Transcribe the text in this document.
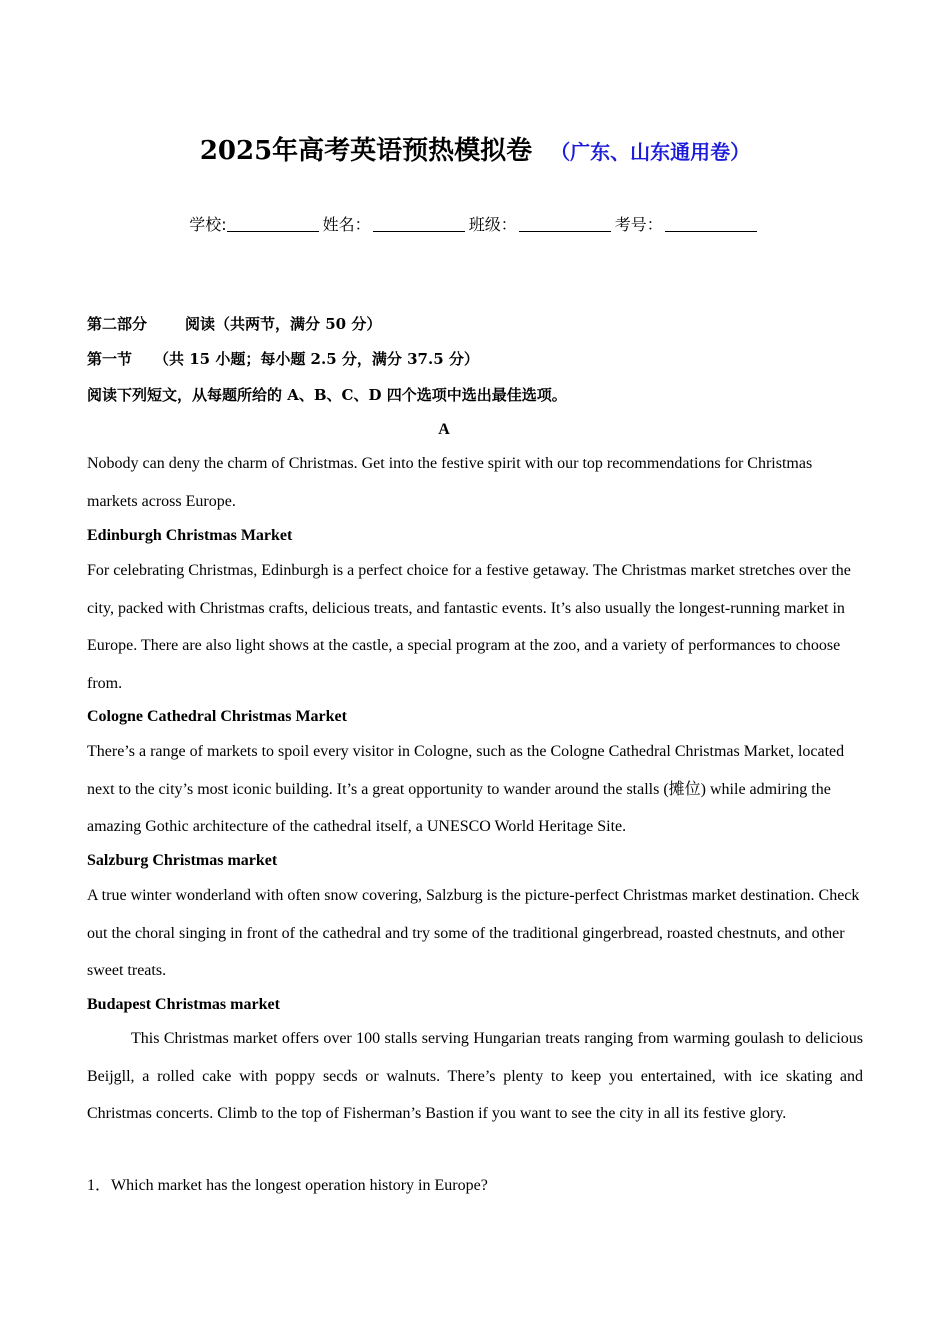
2025年高考英语预热模拟卷 （广东、山东通用卷）
学校:	姓名：	班级：	考号：
第二部分	阅读（共两节，满分 50 分）
第一节 （共 15 小题；每小题 2.5 分，满分 37.5 分）
阅读下列短文，从每题所给的 A、B、C、D 四个选项中选出最佳选项。
A
Nobody can deny the charm of Christmas. Get into the festive spirit with our top recommendations for Christmas markets across Europe.
Edinburgh Christmas Market
For celebrating Christmas, Edinburgh is a perfect choice for a festive getaway. The Christmas market stretches over the city, packed with Christmas crafts, delicious treats, and fantastic events. It’s also usually the longest-running market in Europe. There are also light shows at the castle, a special program at the zoo, and a variety of performances to choose from.
Cologne Cathedral Christmas Market
There’s a range of markets to spoil every visitor in Cologne, such as the Cologne Cathedral Christmas Market, located next to the city’s most iconic building. It’s a great opportunity to wander around the stalls (摊位) while admiring the amazing Gothic architecture of the cathedral itself, a UNESCO World Heritage Site.
Salzburg Christmas market
A true winter wonderland with often snow covering, Salzburg is the picture-perfect Christmas market destination. Check out the choral singing in front of the cathedral and try some of the traditional gingerbread, roasted chestnuts, and other sweet treats.
Budapest Christmas market
This Christmas market offers over 100 stalls serving Hungarian treats ranging from warming goulash to delicious Beijgll, a rolled cake with poppy secds or walnuts. There’s plenty to keep you entertained, with ice skating and Christmas concerts. Climb to the top of Fisherman’s Bastion if you want to see the city in all its festive glory.
1．Which market has the longest operation history in Europe?
